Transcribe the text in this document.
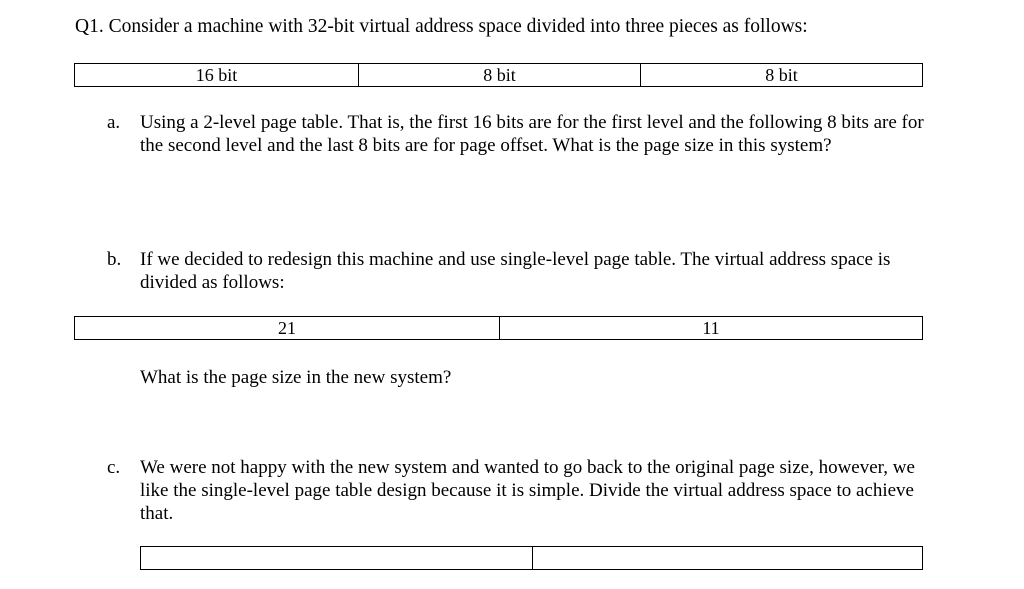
Q1. Consider a machine with 32-bit virtual address space divided into three pieces as follows:
16 bit	8 bit	8 bit
a. Using a 2-level page table. That is, the first 16 bits are for the first level and the following 8 bits are for the second level and the last 8 bits are for page offset. What is the page size in this system?
b. If we decided to redesign this machine and use single-level page table. The virtual address space is divided as follows:
21	11
What is the page size in the new system?
c. We were not happy with the new system and wanted to go back to the original page size, however, we like the single-level page table design because it is simple. Divide the virtual address space to achieve that.
